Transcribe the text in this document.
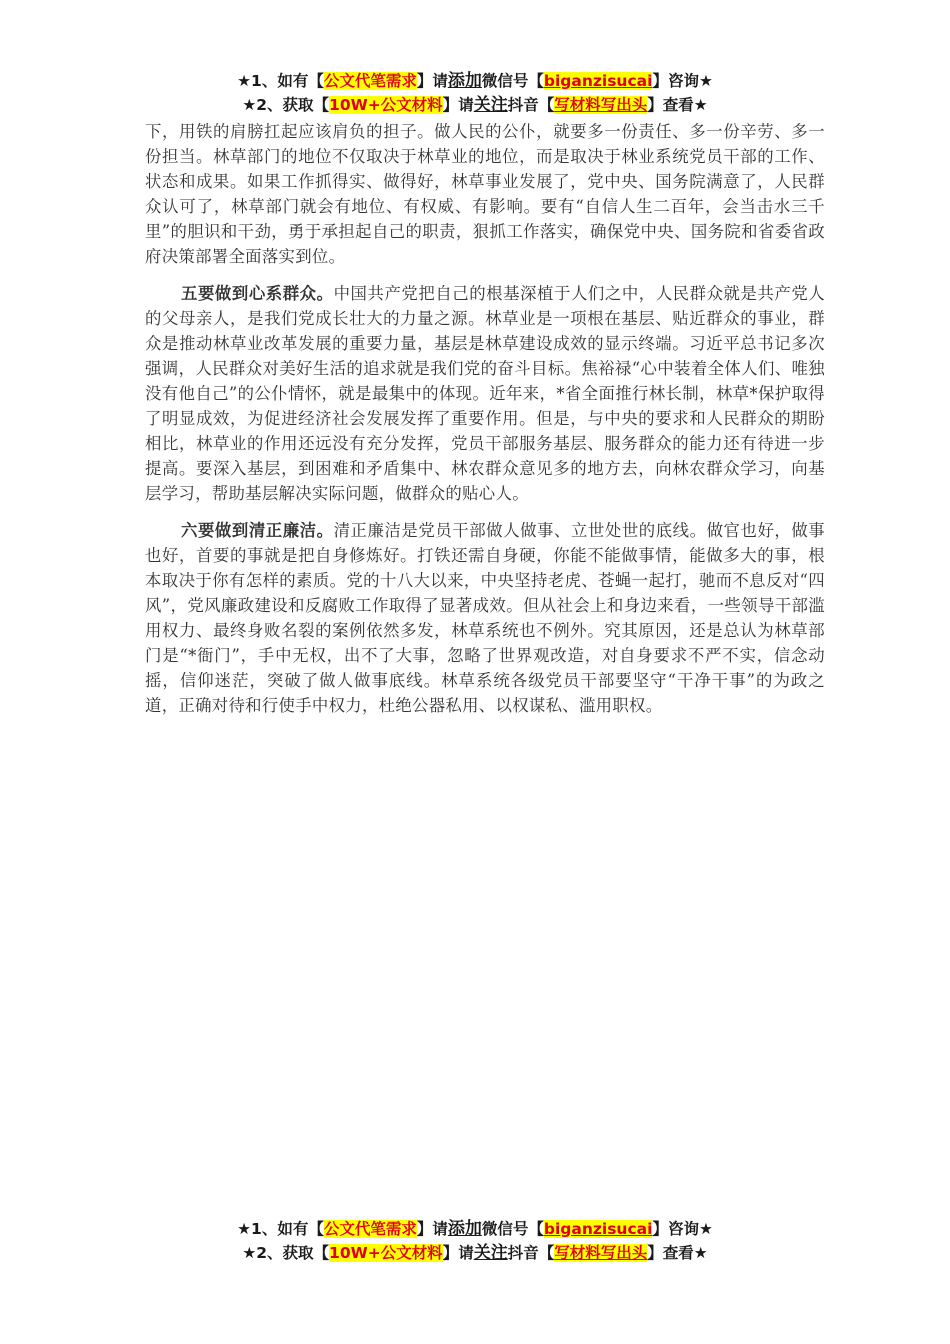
★1、如有【公文代笔需求】请添加微信号【biganzisucai】咨询★
★2、获取【10W+公文材料】请关注抖音【写材料写出头】查看★

下，用铁的肩膀扛起应该肩负的担子。做人民的公仆，就要多一份责任、多一份辛劳、多一份担当。林草部门的地位不仅取决于林草业的地位，而是取决于林业系统党员干部的工作、状态和成果。如果工作抓得实、做得好，林草事业发展了，党中央、国务院满意了，人民群众认可了，林草部门就会有地位、有权威、有影响。要有“自信人生二百年，会当击水三千里”的胆识和干劲，勇于承担起自己的职责，狠抓工作落实，确保党中央、国务院和省委省政府决策部署全面落实到位。

五要做到心系群众。中国共产党把自己的根基深植于人们之中，人民群众就是共产党人的父母亲人，是我们党成长壮大的力量之源。林草业是一项根在基层、贴近群众的事业，群众是推动林草业改革发展的重要力量，基层是林草建设成效的显示终端。习近平总书记多次强调，人民群众对美好生活的追求就是我们党的奋斗目标。焦裕禄“心中装着全体人们、唯独没有他自己”的公仆情怀，就是最集中的体现。近年来，*省全面推行林长制，林草*保护取得了明显成效，为促进经济社会发展发挥了重要作用。但是，与中央的要求和人民群众的期盼相比，林草业的作用还远没有充分发挥，党员干部服务基层、服务群众的能力还有待进一步提高。要深入基层，到困难和矛盾集中、林农群众意见多的地方去，向林农群众学习，向基层学习，帮助基层解决实际问题，做群众的贴心人。

六要做到清正廉洁。清正廉洁是党员干部做人做事、立世处世的底线。做官也好，做事也好，首要的事就是把自身修炼好。打铁还需自身硬，你能不能做事情，能做多大的事，根本取决于你有怎样的素质。党的十八大以来，中央坚持老虎、苍蝇一起打，驰而不息反对“四风”，党风廉政建设和反腐败工作取得了显著成效。但从社会上和身边来看，一些领导干部滥用权力、最终身败名裂的案例依然多发，林草系统也不例外。究其原因，还是总认为林草部门是“*衙门”，手中无权，出不了大事，忽略了世界观改造，对自身要求不严不实，信念动摇，信仰迷茫，突破了做人做事底线。林草系统各级党员干部要坚守“干净干事”的为政之道，正确对待和行使手中权力，杜绝公器私用、以权谋私、滥用职权。

★1、如有【公文代笔需求】请添加微信号【biganzisucai】咨询★
★2、获取【10W+公文材料】请关注抖音【写材料写出头】查看★
